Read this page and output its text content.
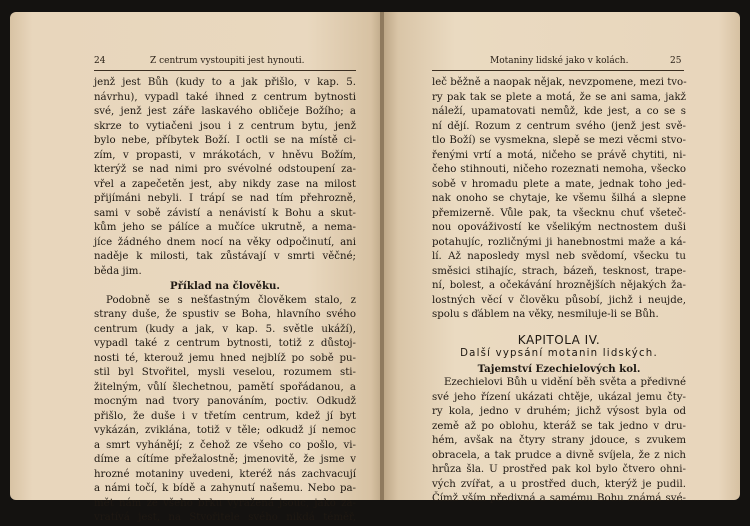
24	Z centrum vystoupiti jest hynouti.
jenž jest Bůh (kudy to a jak přišlo, v kap. 5.
návrhu), vypadl také ihned z centrum bytnosti
své, jenž jest záře laskavého obličeje Božího; a
skrze to vytiačeni jsou i z centrum bytu, jenž
bylo nebe, příbytek Boží. I octli se na místě ci-
zím, v propasti, v mrákotách, v hněvu Božím,
kterýž se nad nimi pro svévolné odstoupení za-
vřel a zapečetěn jest, aby nikdy zase na milost
přijímáni nebyli. I trápí se nad tím přehrozně,
sami v sobě závistí a nenávistí k Bohu a skut-
kům jeho se pálíce a mučíce ukrutně, a nema-
jíce žádného dnem nocí na věky odpočinutí, ani
naděje k milosti, tak zůstávají v smrti věčné;
běda jim.
Příklad na člověku.
Podobně se s nešťastným člověkem stalo, z
strany duše, že spustiv se Boha, hlavního svého
centrum (kudy a jak, v kap. 5. světle ukáží),
vypadl také z centrum bytnosti, totiž z důstoj-
nosti té, kterouž jemu hned nejblíž po sobě pu-
stil byl Stvořitel, mysli veselou, rozumem sti-
žitelným, vůlí šlechetnou, pamětí spořádanou, a
mocným nad tvory panováním, poctiv. Odkudž
přišlo, že duše i v třetím centrum, kdež jí byt
vykázán, zviklána, totiž v těle; odkudž jí nemoc
a smrt vyhánějí; z čehož ze všeho co pošlo, vi-
díme a cítíme přežalostně; jmenovitě, že jsme v
hrozné motaniny uvedeni, kteréž nás zachvacují
a námi točí, k bídě a zahynutí našemu. Nebo pa-
mět nám ze všeho brku vyražená jsouc, jako za-
vratívá jest, na Stvořitele svého nikdá téměř,
Motaniny lidské jako v kolách.	25
leč běžně a naopak nějak, nevzpomene, mezi tvo-
ry pak tak se plete a motá, že se ani sama, jakž
náleží, upamatovati nemůž, kde jest, a co se s
ní dějí. Rozum z centrum svého (jenž jest svě-
tlo Boží) se vysmekna, slepě se mezi věcmi stvo-
řenými vrtí a motá, ničeho se právě chytiti, ni-
čeho stihnouti, ničeho rozeznati nemoha, všecko
sobě v hromadu plete a mate, jednak toho jed-
nak onoho se chytaje, ke všemu šilhá a slepne
přemizerně. Vůle pak, ta všecknu chuť všeteč-
nou opováživostí ke všelikým nectnostem duši
potahujíc, rozličnými ji hanebnostmi maže a ká-
lí. Až naposledy mysl neb svědomí, všecku tu
směsici stihajíc, strach, bázeň, tesknost, trape-
ní, bolest, a očekávání hroznějších nějakých ža-
lostných věcí v člověku působí, jichž i neujde,
spolu s ďáblem na věky, nesmiluje-li se Bůh.
KAPITOLA IV.
Další vypsání motanin lidských.
Tajemství Ezechielových kol.
Ezechielovi Bůh u vidění běh světa a předivné
své jeho řízení ukázati chtěje, ukázal jemu čty-
ry kola, jedno v druhém; jichž výsost byla od
země až po oblohu, kteráž se tak jedno v dru-
hém, avšak na čtyry strany jdouce, s zvukem
obracela, a tak prudce a divně svíjela, že z nich
hrůza šla. U prostřed pak kol bylo čtvero ohni-
vých zvířat, a u prostřed duch, kterýž je pudil.
Čímž vším předivná a samému Bohu známá své-
